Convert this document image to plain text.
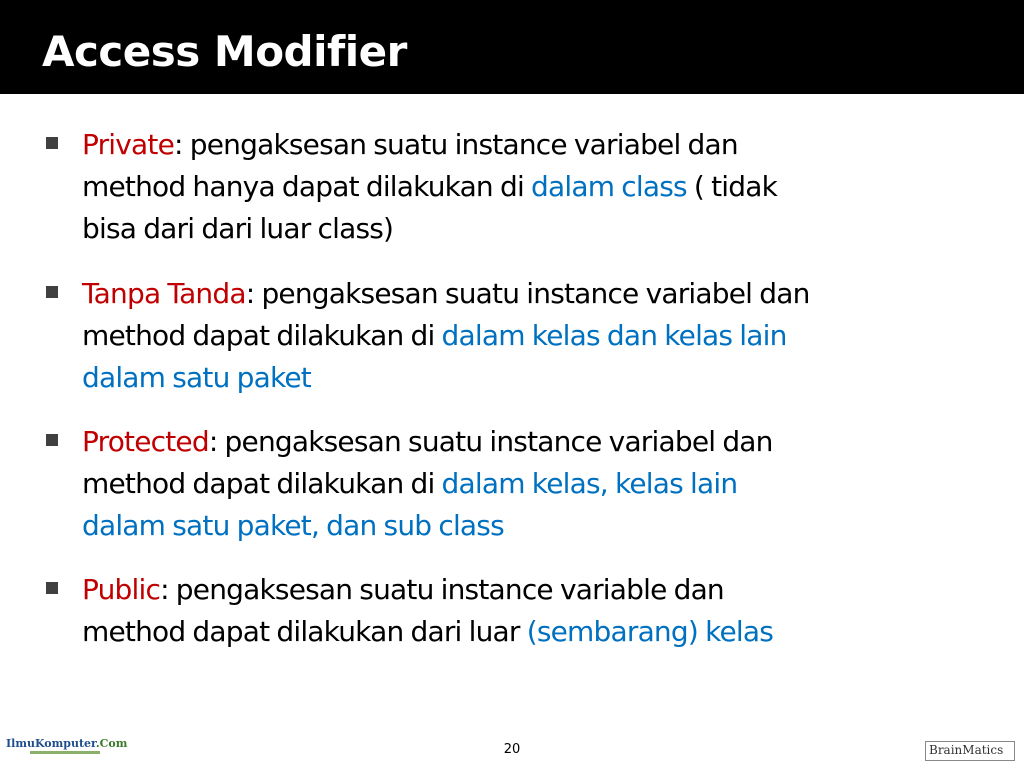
Access Modifier
Private: pengaksesan suatu instance variabel dan
method hanya dapat dilakukan di dalam class ( tidak
bisa dari dari luar class)
Tanpa Tanda: pengaksesan suatu instance variabel dan
method dapat dilakukan di dalam kelas dan kelas lain
dalam satu paket
Protected: pengaksesan suatu instance variabel dan
method dapat dilakukan di dalam kelas, kelas lain
dalam satu paket, dan sub class
Public: pengaksesan suatu instance variable dan
method dapat dilakukan dari luar (sembarang) kelas
IlmuKomputer.Com	20	BrainMatics
